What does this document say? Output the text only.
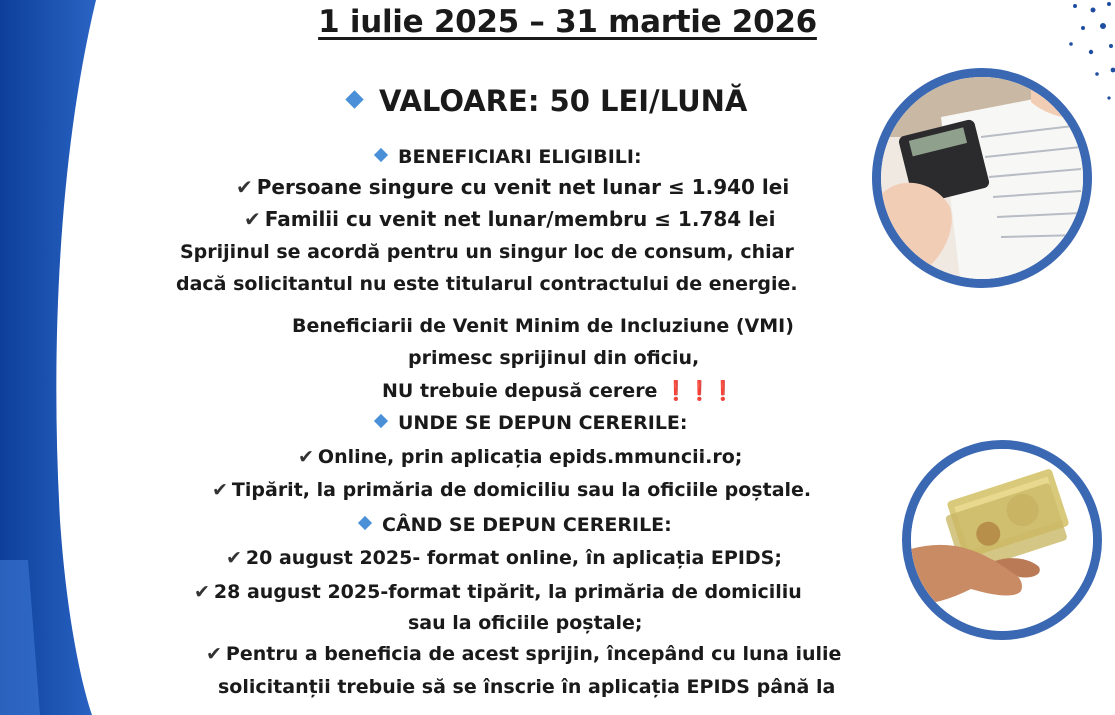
1 iulie 2025 – 31 martie 2026
VALOARE: 50 LEI/LUNĂ
BENEFICIARI ELIGIBILI:
✔ Persoane singure cu venit net lunar ≤ 1.940 lei
✔ Familii cu venit net lunar/membru ≤ 1.784 lei
Sprijinul se acordă pentru un singur loc de consum, chiar
dacă solicitantul nu este titularul contractului de energie.
Beneficiarii de Venit Minim de Incluziune (VMI)
primesc sprijinul din oficiu,
NU trebuie depusă cerere ❗❗❗
UNDE SE DEPUN CERERILE:
✔ Online, prin aplicația epids.mmuncii.ro;
✔ Tipărit, la primăria de domiciliu sau la oficiile poștale.
CÂND SE DEPUN CERERILE:
✔ 20 august 2025- format online, în aplicația EPIDS;
✔ 28 august 2025-format tipărit, la primăria de domiciliu
sau la oficiile poștale;
✔ Pentru a beneficia de acest sprijin, începând cu luna iulie
solicitanții trebuie să se înscrie în aplicația EPIDS până la
